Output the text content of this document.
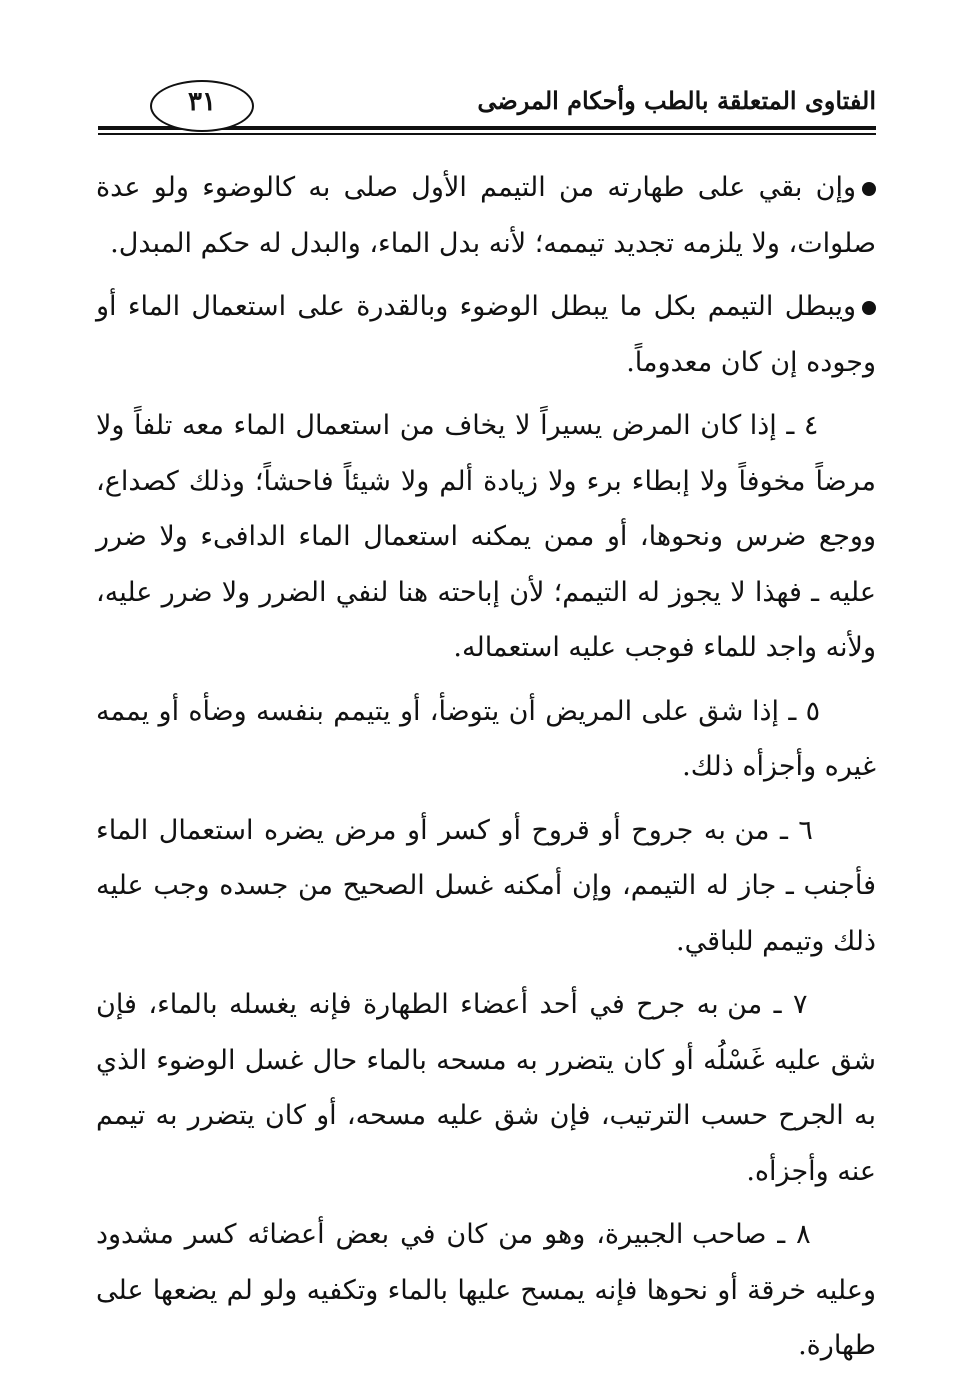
الفتاوى المتعلقة بالطب وأحكام المرضى
٣١

وإن بقي على طهارته من التيمم الأول صلى به كالوضوء ولو عدة صلوات، ولا يلزمه تجديد تيممه؛ لأنه بدل الماء، والبدل له حكم المبدل.

ويبطل التيمم بكل ما يبطل الوضوء وبالقدرة على استعمال الماء أو وجوده إن كان معدوماً.

٤ ـ إذا كان المرض يسيراً لا يخاف من استعمال الماء معه تلفاً ولا مرضاً مخوفاً ولا إبطاء برء ولا زيادة ألم ولا شيئاً فاحشاً؛ وذلك كصداع، ووجع ضرس ونحوها، أو ممن يمكنه استعمال الماء الدافىء ولا ضرر عليه ـ فهذا لا يجوز له التيمم؛ لأن إباحته هنا لنفي الضرر ولا ضرر عليه، ولأنه واجد للماء فوجب عليه استعماله.

٥ ـ إذا شق على المريض أن يتوضأ، أو يتيمم بنفسه وضأه أو يممه غيره وأجزأه ذلك.

٦ ـ من به جروح أو قروح أو كسر أو مرض يضره استعمال الماء فأجنب ـ جاز له التيمم، وإن أمكنه غسل الصحيح من جسده وجب عليه ذلك وتيمم للباقي.

٧ ـ من به جرح في أحد أعضاء الطهارة فإنه يغسله بالماء، فإن شق عليه غَسْلُه أو كان يتضرر به مسحه بالماء حال غسل الوضوء الذي به الجرح حسب الترتيب، فإن شق عليه مسحه، أو كان يتضرر به تيمم عنه وأجزأه.

٨ ـ صاحب الجبيرة، وهو من كان في بعض أعضائه كسر مشدود وعليه خرقة أو نحوها فإنه يمسح عليها بالماء وتكفيه ولو لم يضعها على طهارة.
